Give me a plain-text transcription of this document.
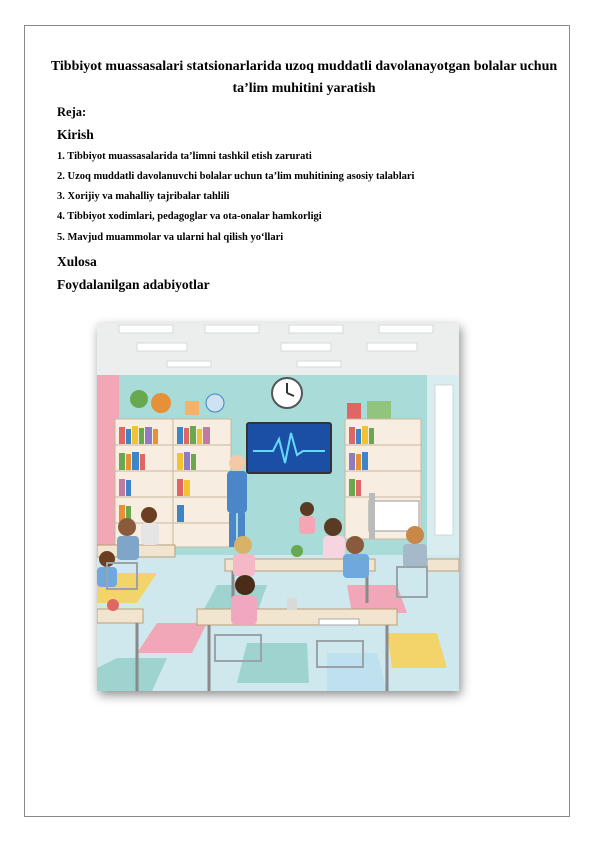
Tibbiyot muassasalari statsionarlarida uzoq muddatli davolanayotgan bolalar uchun ta’lim muhitini yaratish
Reja:
Kirish
1. Tibbiyot muassasalarida ta’limni tashkil etish zarurati
2. Uzoq muddatli davolanuvchi bolalar uchun ta’lim muhitining asosiy talablari
3. Xorijiy va mahalliy tajribalar tahlili
4. Tibbiyot xodimlari, pedagoglar va ota-onalar hamkorligi
5. Mavjud muammolar va ularni hal qilish yo‘llari
Xulosa
Foydalanilgan adabiyotlar
